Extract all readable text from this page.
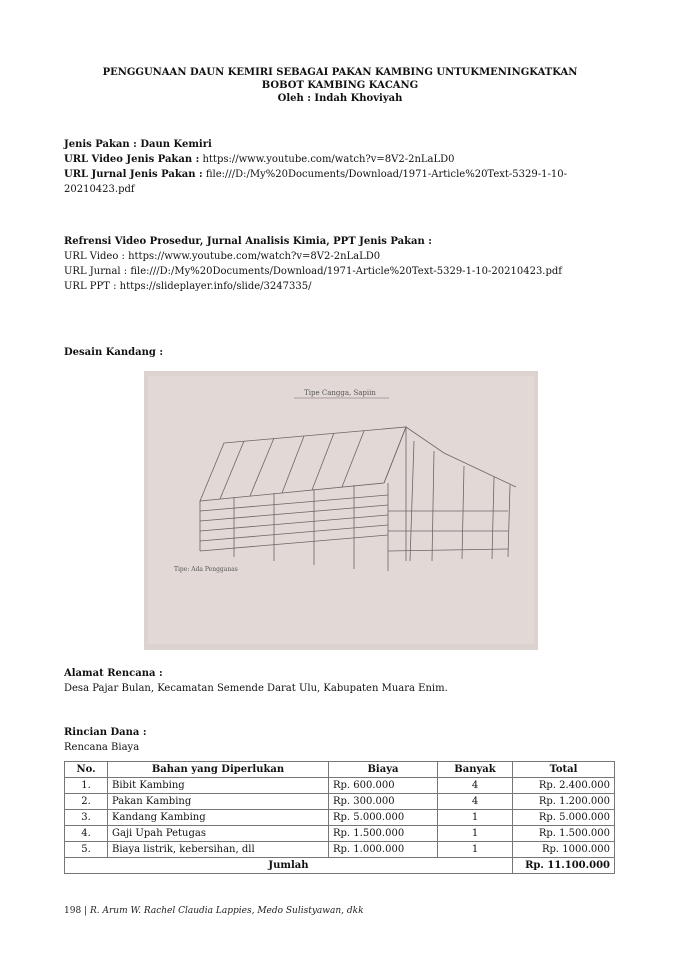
PENGGUNAAN DAUN KEMIRI SEBAGAI PAKAN KAMBING UNTUKMENINGKATKAN
BOBOT KAMBING KACANG
Oleh : Indah Khoviyah
Jenis Pakan : Daun Kemiri
URL Video Jenis Pakan : https://www.youtube.com/watch?v=8V2-2nLaLD0
URL Jurnal Jenis Pakan : file:///D:/My%20Documents/Download/1971-Article%20Text-5329-1-10-20210423.pdf
Refrensi Video Prosedur, Jurnal Analisis Kimia, PPT Jenis Pakan :
URL Video : https://www.youtube.com/watch?v=8V2-2nLaLD0
URL Jurnal : file:///D:/My%20Documents/Download/1971-Article%20Text-5329-1-10-20210423.pdf
URL PPT : https://slideplayer.info/slide/3247335/
Desain Kandang :
Tipe Cangga, Sapiin
Tipe: Ada Pengganas
Alamat Rencana :
Desa Pajar Bulan, Kecamatan Semende Darat Ulu, Kabupaten Muara Enim.
Rincian Dana :
Rencana Biaya
No.	Bahan yang Diperlukan	Biaya	Banyak	Total
1.	Bibit Kambing	Rp. 600.000	4	Rp. 2.400.000
2.	Pakan Kambing	Rp. 300.000	4	Rp. 1.200.000
3.	Kandang Kambing	Rp. 5.000.000	1	Rp. 5.000.000
4.	Gaji Upah Petugas	Rp. 1.500.000	1	Rp. 1.500.000
5.	Biaya listrik, kebersihan, dll	Rp. 1.000.000	1	Rp. 1000.000
Jumlah				Rp. 11.100.000
198 | R. Arum W. Rachel Claudia Lappies, Medo Sulistyawan, dkk
